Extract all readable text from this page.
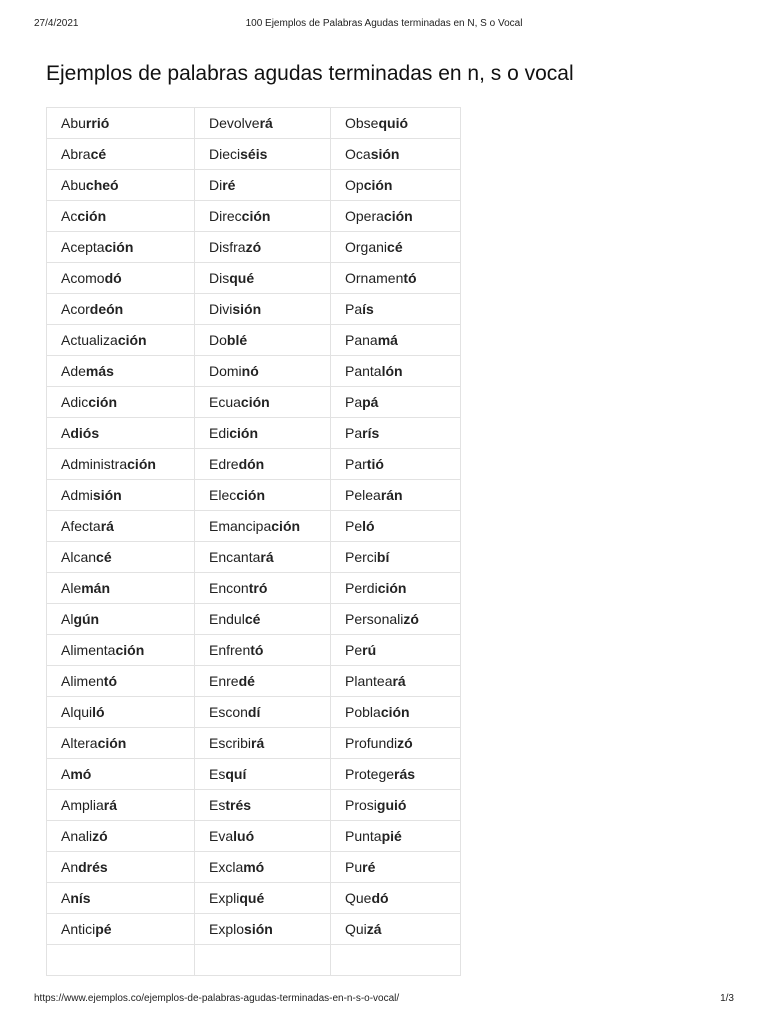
27/4/2021	100 Ejemplos de Palabras Agudas terminadas en N, S o Vocal
Ejemplos de palabras agudas terminadas en n, s o vocal
Aburrió	Devolverá	Obsequió
Abracé	Dieciséis	Ocasión
Abucheó	Diré	Opción
Acción	Dirección	Operación
Aceptación	Disfrazó	Organicé
Acomodó	Disqué	Ornamentó
Acordeón	División	País
Actualización	Doblé	Panamá
Además	Dominó	Pantalón
Adicción	Ecuación	Papá
Adiós	Edición	París
Administración	Edredón	Partió
Admisión	Elección	Pelearán
Afectará	Emancipación	Peló
Alcancé	Encantará	Percibí
Alemán	Encontró	Perdición
Algún	Endulcé	Personalizó
Alimentación	Enfrentó	Perú
Alimentó	Enredé	Planteará
Alquiló	Escondí	Población
Alteración	Escribirá	Profundizó
Amó	Esquí	Protegerás
Ampliará	Estrés	Prosiguió
Analizó	Evaluó	Puntapié
Andrés	Exclamó	Puré
Anís	Expliqué	Quedó
Anticipé	Explosión	Quizá

https://www.ejemplos.co/ejemplos-de-palabras-agudas-terminadas-en-n-s-o-vocal/	1/3
